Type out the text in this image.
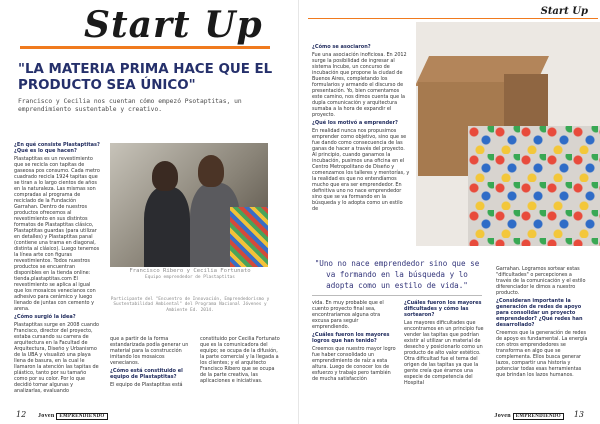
Start Up
"LA MATERIA PRIMA HACE QUE EL PRODUCTO SEA ÚNICO"
Francisco y Cecilia nos cuentan cómo empezó Psotaptitas, un emprendimiento sustentable y creativo.

¿En qué consiste Plastaptitas? ¿Qué es lo que hacen?

Plastaptitas es un revestimiento que se recicla con tapitas de gaseosa pos consumo. Cada metro cuadrado recicla 1924 tapitas que se tiran a lo largo cientos de años en la naturaleza. Las mismas son compradas al programa de reciclado de la Fundación Garrahan. Dentro de nuestros productos ofrecemos al revestimiento en sus distintos formatos de Plastaptitas clásico, Plastaptitas guardas (para utilizar en detalles) y Plastaptitas panal (contiene una trama en diagonal, distinta al clásico). Luego tenemos la línea arte con figuras revestimientos. Todos nuestros productos se encuentran disponibles en la tienda online: tienda.plastaptitas.com El revestimiento se aplica al igual que los mosaicos venecianos con adhesivo para cerámico y luego llenado de juntas con cemento y arena.

¿Cómo surgió la idea?

Plastaptitas surge en 2008 cuando Francisco, director del proyecto, estaba cursando su carrera de arquitectura en la Facultad de Arquitectura, Diseño y Urbanismo de la UBA y visualizó una playa llena de basura, en la cual le llamaron la atención las tapitas de plástico, tanto por su tamaño como por su color. Por lo que decidió tomar algunas y analizarlas, evaluando

Francisco Ribero y Cecilia Fortunato
Equipo emprendedor de Plastaptitas
Participante del "Encuentro de Innovación, Emprendedorismo y Sustentabilidad Ambiental" del Programa Nacional Jóvenes y Ambiente Ed. 2014.

que a partir de la forma estandarizada podía generar un material para la construcción imitando los mosaicos venecianos.

¿Cómo está constituido el equipo de Plastaptitas?

El equipo de Plastaptitas está

constituido por Cecilia Fortunato que es la comunicadora del equipo; se ocupa de la difusión, la parte comercial y la llegada a los clientes; y el arquitecto Francisco Ribero que se ocupa de la parte creativa, las aplicaciones e iniciativas.

12 Joven EMPRENDIENDO
Start Up

¿Cómo se asociaron?

Fue una asociación inoficiosa. En 2012 surge la posibilidad de ingresar al sistema Incube, un concurso de incubación que propone la ciudad de Buenos Aires, completando los formularios y armando el discurso de presentación. Yo, bien comentamos este camino, nos dimos cuenta que la dupla comunicación y arquitectura sumaba a la hora de expandir el proyecto.

¿Qué los motivó a emprender?

En realidad nunca nos propusimos emprender como objetivo, sino que se fue dando como consecuencia de las ganas de hacer a través del proyecto. Al principio, cuando ganamos la incubación, pusimos una oficina en el Centro Metropolitano de Diseño y comenzamos los talleres y mentorías, y la realidad es que no entendíamos mucho que era ser emprendedor. En definitiva uno no nace emprendedor sino que se va formando en la búsqueda y lo adopta como un estilo de

vida. En muy probable que el cuento proyecto final sea, encontraríamos alguna otra excusa para seguir emprendiendo.

¿Cuáles fueron los mayores logros que han tenido?

Creemos que nuestro mayor logro fue haber consolidado un emprendimiento de raíz a esta altura. Luego de conocer los de esfuerzo y trabajo pero también de mucha satisfacción

¿Cuáles fueron los mayores dificultades y cómo las sortearon?

Las mayores dificultades que encontramos en un principio fue vender las tapitas que podrían existir al utilizar un material de desecho y posicionarlo como un producto de alto valor estético. Otra dificultad fue el tema del origen de las tapitas ya que la gente creía que éramos una especie de competencia del Hospital

Garrahan. Logramos sortear estas "dificultades" o percepciones a través de la comunicación y el estilo diferenciador le dimos a nuestro producto.

¿Consideran importante la generación de redes de apoyo para consolidar un proyecto emprendedor? ¿Qué redes han desarrollado?

Creemos que la generación de redes de apoyo es fundamental. La energía con otros emprendedores se transforma en algo que se complementa. Ellos busca generar lazos, compartir una historia y potenciar todas esas herramientas que brindan los lazos humanos.

13
Joven EMPRENDIENDO
"Uno no nace emprendedor sino que se va formando en la búsqueda y lo adopta como un estilo de vida."
